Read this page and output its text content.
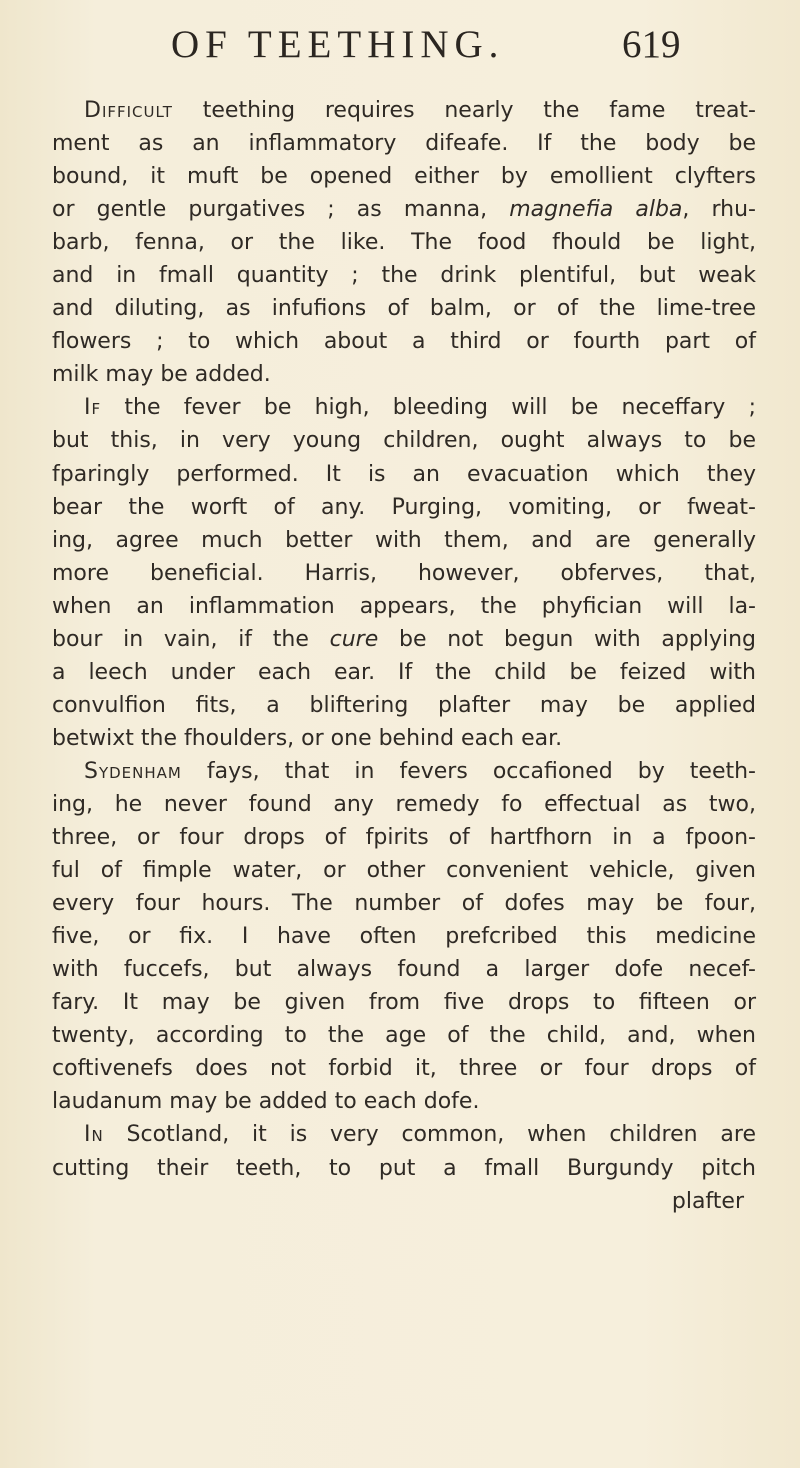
OF TEETHING.	619
Difficult teething requires nearly the fame treat-
ment as an inflammatory difeafe. If the body be
bound, it muft be opened either by emollient clyfters
or gentle purgatives ; as manna, magnefia alba, rhu-
barb, fenna, or the like. The food fhould be light,
and in fmall quantity ; the drink plentiful, but weak
and diluting, as infufions of balm, or of the lime-tree
flowers ; to which about a third or fourth part of
milk may be added.
If the fever be high, bleeding will be neceffary ;
but this, in very young children, ought always to be
fparingly performed. It is an evacuation which they
bear the worft of any. Purging, vomiting, or fweat-
ing, agree much better with them, and are generally
more beneficial. Harris, however, obferves, that,
when an inflammation appears, the phyfician will la-
bour in vain, if the cure be not begun with applying
a leech under each ear. If the child be feized with
convulfion fits, a bliftering plafter may be applied
betwixt the fhoulders, or one behind each ear.
Sydenham fays, that in fevers occafioned by teeth-
ing, he never found any remedy fo effectual as two,
three, or four drops of fpirits of hartfhorn in a fpoon-
ful of fimple water, or other convenient vehicle, given
every four hours. The number of dofes may be four,
five, or fix. I have often prefcribed this medicine
with fuccefs, but always found a larger dofe necef-
fary. It may be given from five drops to fifteen or
twenty, according to the age of the child, and, when
coftivenefs does not forbid it, three or four drops of
laudanum may be added to each dofe.
In Scotland, it is very common, when children are
cutting their teeth, to put a fmall Burgundy pitch
plafter
